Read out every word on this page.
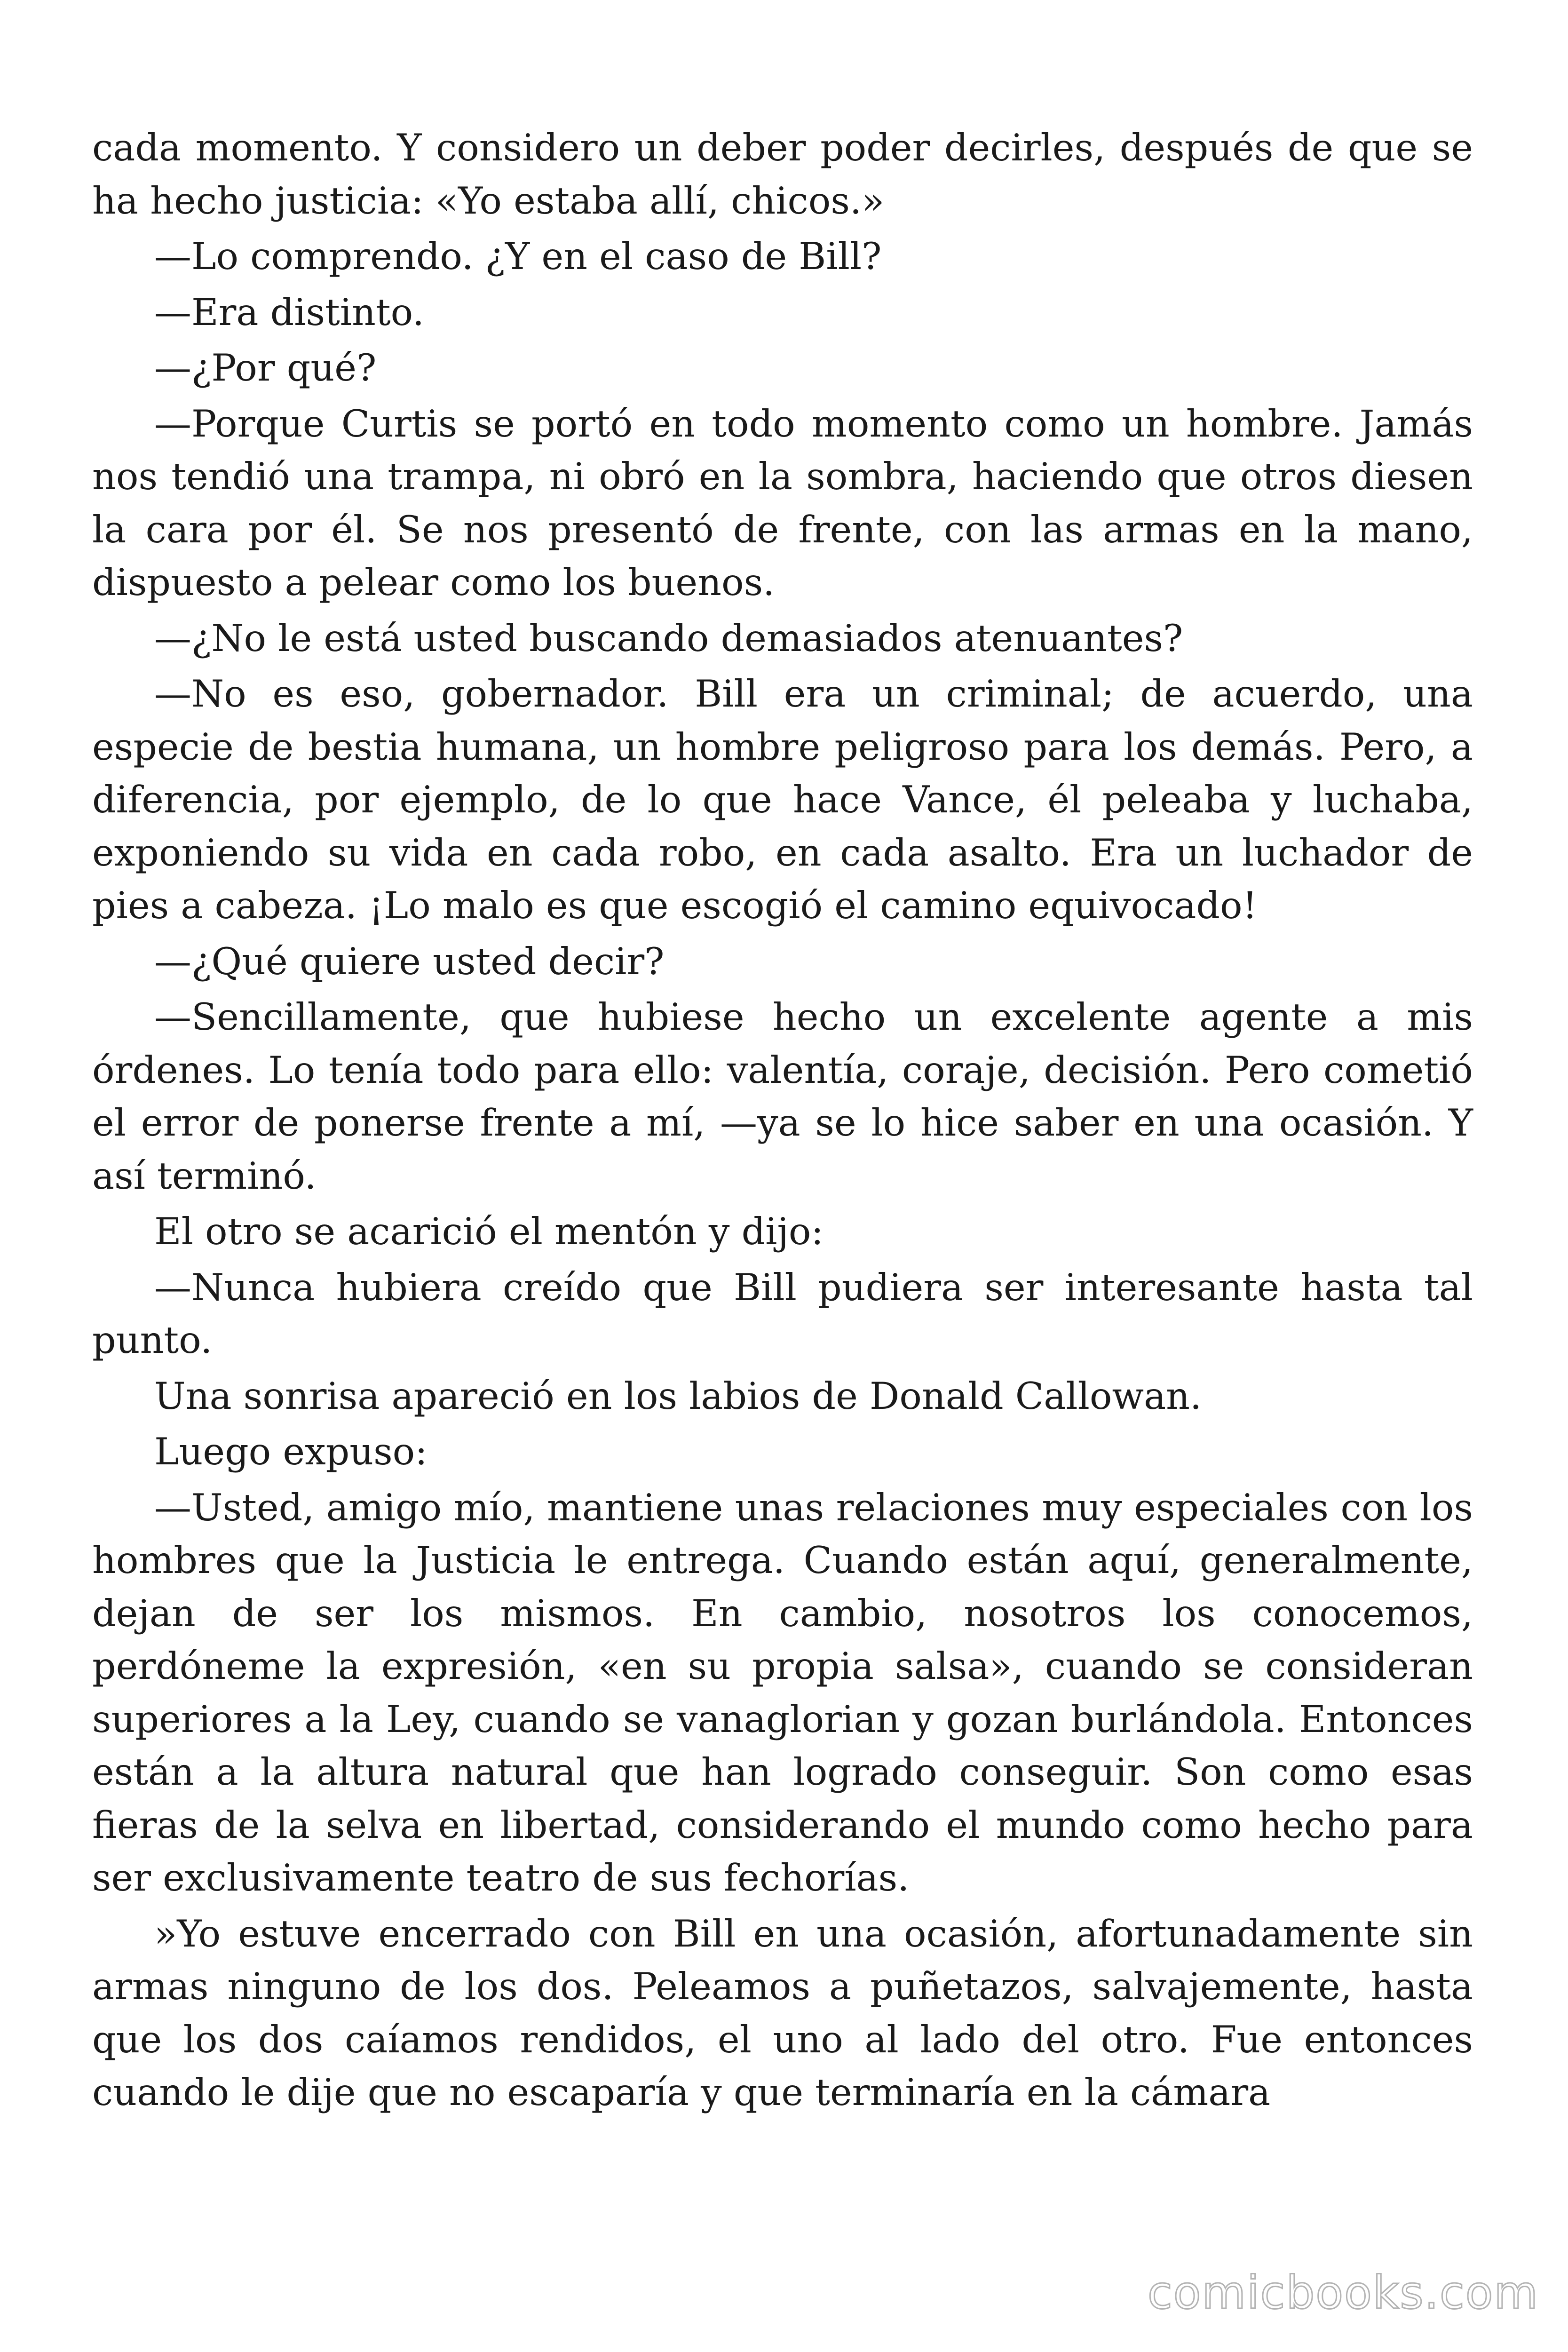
cada momento. Y considero un deber poder decirles, después de que se ha hecho justicia: «Yo estaba allí, chicos.»

—Lo comprendo. ¿Y en el caso de Bill?

—Era distinto.

—¿Por qué?

—Porque Curtis se portó en todo momento como un hombre. Jamás nos tendió una trampa, ni obró en la sombra, haciendo que otros diesen la cara por él. Se nos presentó de frente, con las armas en la mano, dispuesto a pelear como los buenos.

—¿No le está usted buscando demasiados atenuantes?

—No es eso, gobernador. Bill era un criminal; de acuerdo, una especie de bestia humana, un hombre peligroso para los demás. Pero, a diferencia, por ejemplo, de lo que hace Vance, él peleaba y luchaba, exponiendo su vida en cada robo, en cada asalto. Era un luchador de pies a cabeza. ¡Lo malo es que escogió el camino equivocado!

—¿Qué quiere usted decir?

—Sencillamente, que hubiese hecho un excelente agente a mis órdenes. Lo tenía todo para ello: valentía, coraje, decisión. Pero cometió el error de ponerse frente a mí, —ya se lo hice saber en una ocasión. Y así terminó.

El otro se acarició el mentón y dijo:

—Nunca hubiera creído que Bill pudiera ser interesante hasta tal punto.

Una sonrisa apareció en los labios de Donald Callowan.

Luego expuso:

—Usted, amigo mío, mantiene unas relaciones muy especiales con los hombres que la Justicia le entrega. Cuando están aquí, generalmente, dejan de ser los mismos. En cambio, nosotros los conocemos, perdóneme la expresión, «en su propia salsa», cuando se consideran superiores a la Ley, cuando se vanaglorian y gozan burlándola. Entonces están a la altura natural que han logrado conseguir. Son como esas fieras de la selva en libertad, considerando el mundo como hecho para ser exclusivamente teatro de sus fechorías.

»Yo estuve encerrado con Bill en una ocasión, afortunadamente sin armas ninguno de los dos. Peleamos a puñetazos, salvajemente, hasta que los dos caíamos rendidos, el uno al lado del otro. Fue entonces cuando le dije que no escaparía y que terminaría en la cámara

comicbooks.com
